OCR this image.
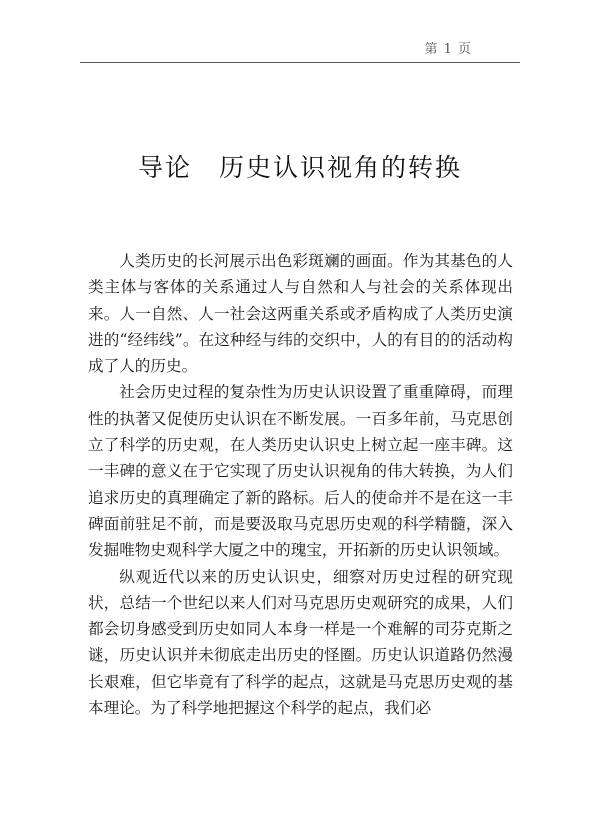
第 1 页
导论　历史认识视角的转换

人类历史的长河展示出色彩斑斓的画面。作为其基色的人类主体与客体的关系通过人与自然和人与社会的关系体现出来。人一自然、人一社会这两重关系或矛盾构成了人类历史演进的“经纬线”。在这种经与纬的交织中，人的有目的的活动构成了人的历史。

社会历史过程的复杂性为历史认识设置了重重障碍，而理性的执著又促使历史认识在不断发展。一百多年前，马克思创立了科学的历史观，在人类历史认识史上树立起一座丰碑。这一丰碑的意义在于它实现了历史认识视角的伟大转换，为人们追求历史的真理确定了新的路标。后人的使命并不是在这一丰碑面前驻足不前，而是要汲取马克思历史观的科学精髓，深入发掘唯物史观科学大厦之中的瑰宝，开拓新的历史认识领域。

纵观近代以来的历史认识史，细察对历史过程的研究现状，总结一个世纪以来人们对马克思历史观研究的成果，人们都会切身感受到历史如同人本身一样是一个难解的司芬克斯之谜，历史认识并未彻底走出历史的怪圈。历史认识道路仍然漫长艰难，但它毕竟有了科学的起点，这就是马克思历史观的基本理论。为了科学地把握这个科学的起点，我们必
